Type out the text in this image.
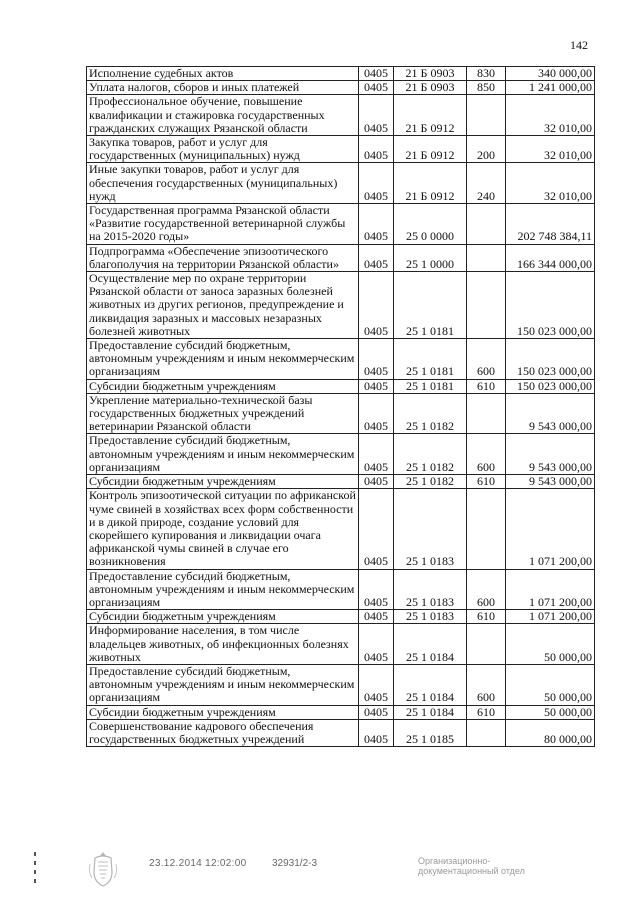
142
Исполнение судебных актов	0405	21 Б 0903	830	340 000,00
Уплата налогов, сборов и иных платежей	0405	21 Б 0903	850	1 241 000,00
Профессиональное обучение, повышение квалификации и стажировка государственных гражданских служащих Рязанской области	0405	21 Б 0912		32 010,00
Закупка товаров, работ и услуг для государственных (муниципальных) нужд	0405	21 Б 0912	200	32 010,00
Иные закупки товаров, работ и услуг для обеспечения государственных (муниципальных) нужд	0405	21 Б 0912	240	32 010,00
Государственная программа Рязанской области «Развитие государственной ветеринарной службы на 2015-2020 годы»	0405	25 0 0000		202 748 384,11
Подпрограмма «Обеспечение эпизоотического благополучия на территории Рязанской области»	0405	25 1 0000		166 344 000,00
Осуществление мер по охране территории Рязанской области от заноса заразных болезней животных из других регионов, предупреждение и ликвидация заразных и массовых незаразных болезней животных	0405	25 1 0181		150 023 000,00
Предоставление субсидий бюджетным, автономным учреждениям и иным некоммерческим организациям	0405	25 1 0181	600	150 023 000,00
Субсидии бюджетным учреждениям	0405	25 1 0181	610	150 023 000,00
Укрепление материально-технической базы государственных бюджетных учреждений ветеринарии Рязанской области	0405	25 1 0182		9 543 000,00
Предоставление субсидий бюджетным, автономным учреждениям и иным некоммерческим организациям	0405	25 1 0182	600	9 543 000,00
Субсидии бюджетным учреждениям	0405	25 1 0182	610	9 543 000,00
Контроль эпизоотической ситуации по африканской чуме свиней в хозяйствах всех форм собственности и в дикой природе, создание условий для скорейшего купирования и ликвидации очага африканской чумы свиней в случае его возникновения	0405	25 1 0183		1 071 200,00
Предоставление субсидий бюджетным, автономным учреждениям и иным некоммерческим организациям	0405	25 1 0183	600	1 071 200,00
Субсидии бюджетным учреждениям	0405	25 1 0183	610	1 071 200,00
Информирование населения, в том числе владельцев животных, об инфекционных болезнях животных	0405	25 1 0184		50 000,00
Предоставление субсидий бюджетным, автономным учреждениям и иным некоммерческим организациям	0405	25 1 0184	600	50 000,00
Субсидии бюджетным учреждениям	0405	25 1 0184	610	50 000,00
Совершенствование кадрового обеспечения государственных бюджетных учреждений	0405	25 1 0185		80 000,00
23.12.2014 12:02:00	32931/2-3	Организационно-
документационный отдел
